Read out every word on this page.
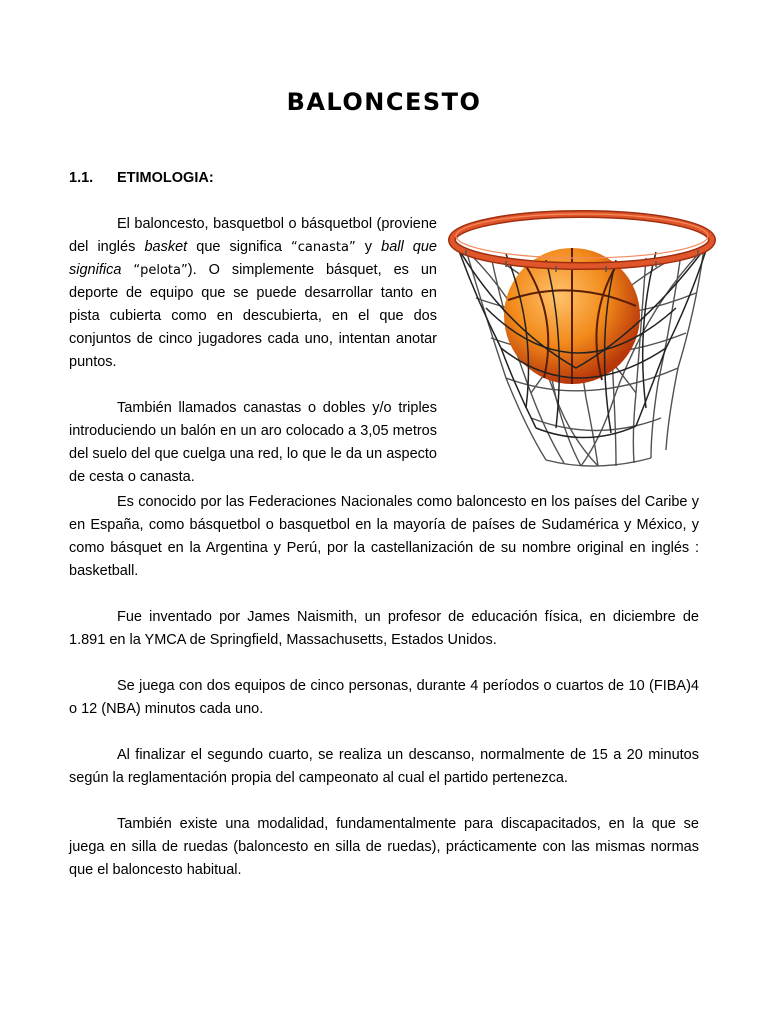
BALONCESTO
1.1. ETIMOLOGIA:

El baloncesto, basquetbol o básquetbol (proviene del inglés basket que significa “canasta” y ball que significa “pelota”). O simplemente básquet, es un deporte de equipo que se puede desarrollar tanto en pista cubierta como en descubierta, en el que dos conjuntos de cinco jugadores cada uno, intentan anotar puntos.

También llamados canastas o dobles y/o triples introduciendo un balón en un aro colocado a 3,05 metros del suelo del que cuelga una red, lo que le da un aspecto de cesta o canasta.

Es conocido por las Federaciones Nacionales como baloncesto en los países del Caribe y en España, como básquetbol o basquetbol en la mayoría de países de Sudamérica y México, y como básquet en la Argentina y Perú, por la castellanización de su nombre original en inglés : basketball.

Fue inventado por James Naismith, un profesor de educación física, en diciembre de 1.891 en la YMCA de Springfield, Massachusetts, Estados Unidos.

Se juega con dos equipos de cinco personas, durante 4 períodos o cuartos de 10 (FIBA)4 o 12 (NBA) minutos cada uno.

Al finalizar el segundo cuarto, se realiza un descanso, normalmente de 15 a 20 minutos según la reglamentación propia del campeonato al cual el partido pertenezca.

También existe una modalidad, fundamentalmente para discapacitados, en la que se juega en silla de ruedas (baloncesto en silla de ruedas), prácticamente con las mismas normas que el baloncesto habitual.
